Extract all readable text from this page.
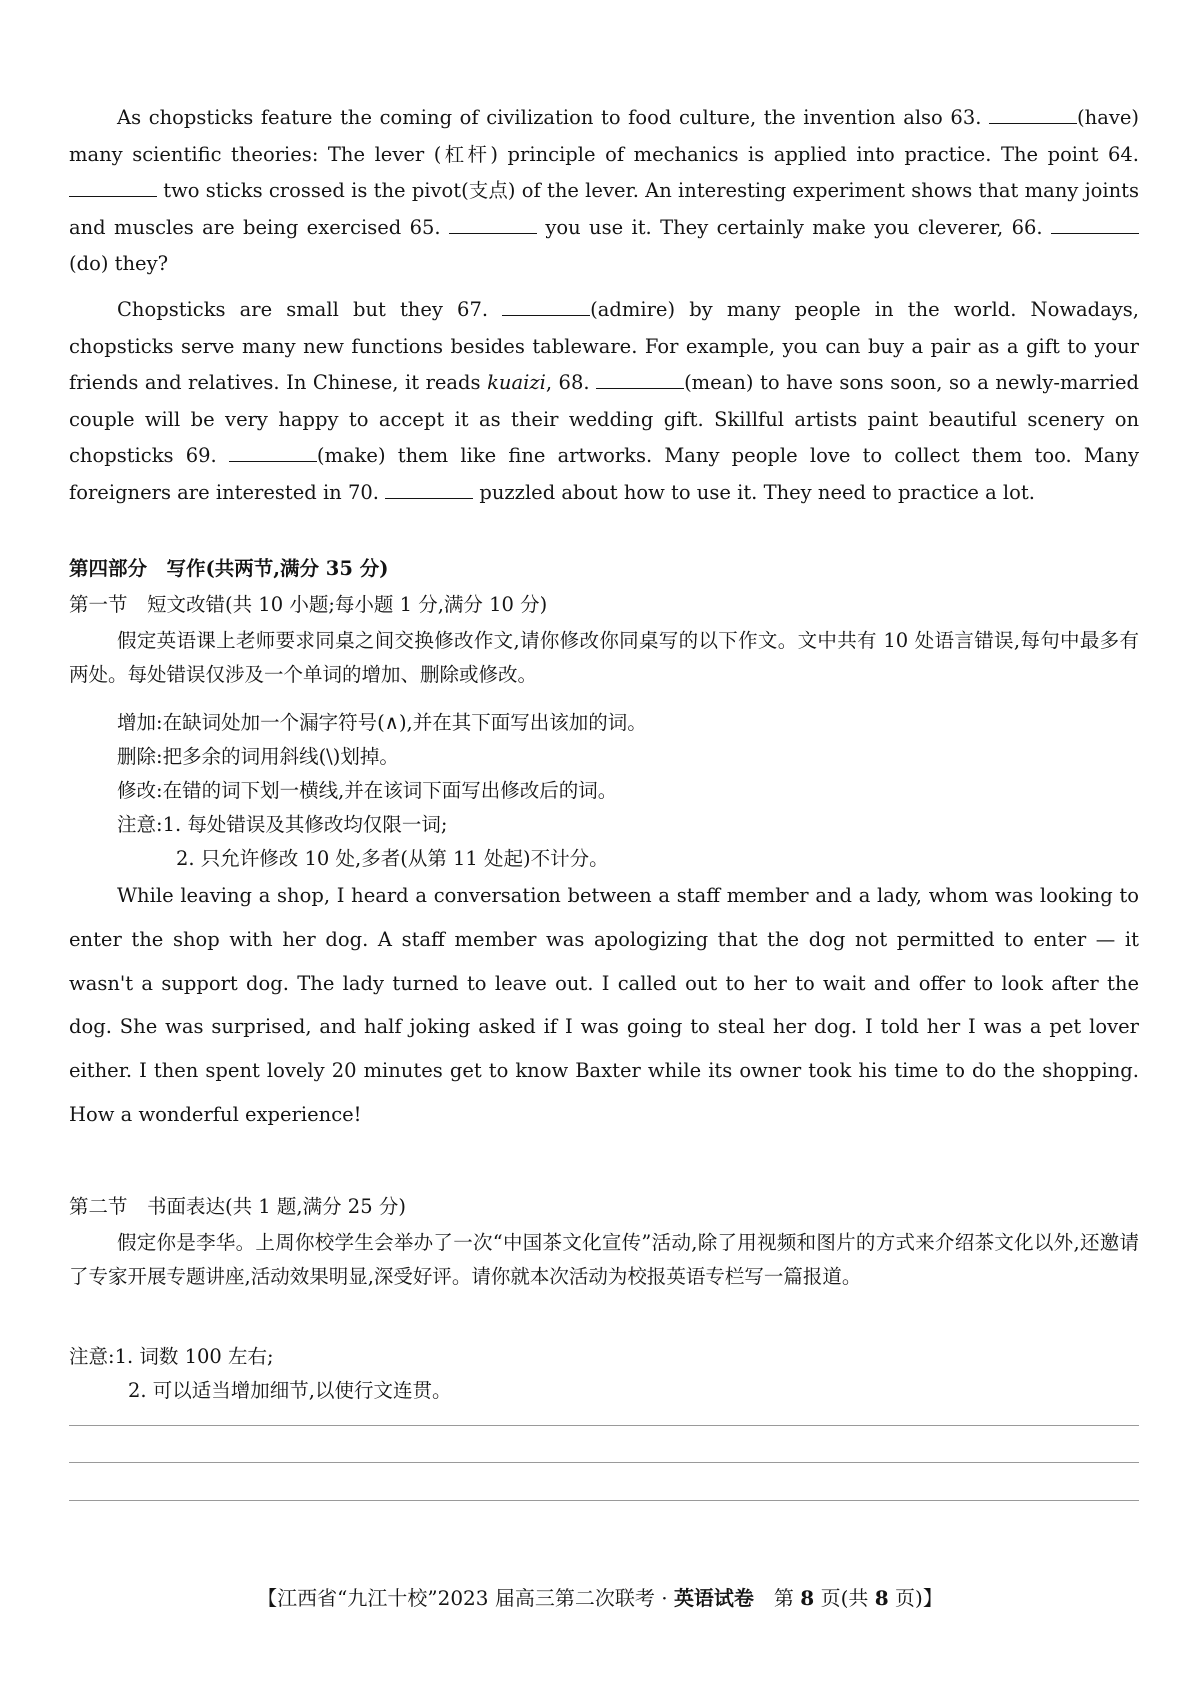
As chopsticks feature the coming of civilization to food culture, the invention also 63.	(have) many scientific theories: The lever (杠杆) principle of mechanics is applied into practice. The point 64.  two sticks crossed is the pivot(支点) of the lever. An interesting experiment shows that many joints and muscles are being exercised 65.	you use it. They certainly make you cleverer, 66. (do) they?

Chopsticks are small but they 67.	(admire) by many people in the world. Nowadays, chopsticks serve many new functions besides tableware. For example, you can buy a pair as a gift to your friends and relatives. In Chinese, it reads kuaizi, 68.	(mean) to have sons soon, so a newly-married couple will be very happy to accept it as their wedding gift. Skillful artists paint beautiful scenery on chopsticks 69.	(make) them like fine artworks. Many people love to collect them too. Many foreigners are interested in 70.	puzzled about how to use it. They need to practice a lot.

第四部分　写作(共两节,满分 35 分)
第一节　短文改错(共 10 小题;每小题 1 分,满分 10 分)

假定英语课上老师要求同桌之间交换修改作文,请你修改你同桌写的以下作文。文中共有 10 处语言错误,每句中最多有两处。每处错误仅涉及一个单词的增加、删除或修改。

增加:在缺词处加一个漏字符号(∧),并在其下面写出该加的词。
删除:把多余的词用斜线(\)划掉。
修改:在错的词下划一横线,并在该词下面写出修改后的词。
注意:1. 每处错误及其修改均仅限一词;
2. 只允许修改 10 处,多者(从第 11 处起)不计分。

While leaving a shop, I heard a conversation between a staff member and a lady, whom was looking to enter the shop with her dog. A staff member was apologizing that the dog not permitted to enter — it wasn't a support dog. The lady turned to leave out. I called out to her to wait and offer to look after the dog. She was surprised, and half joking asked if I was going to steal her dog. I told her I was a pet lover either. I then spent lovely 20 minutes get to know Baxter while its owner took his time to do the shopping. How a wonderful experience!

第二节　书面表达(共 1 题,满分 25 分)

假定你是李华。上周你校学生会举办了一次“中国茶文化宣传”活动,除了用视频和图片的方式来介绍茶文化以外,还邀请了专家开展专题讲座,活动效果明显,深受好评。请你就本次活动为校报英语专栏写一篇报道。

注意:1. 词数 100 左右;
2. 可以适当增加细节,以使行文连贯。
【江西省“九江十校”2023 届高三第二次联考 · 英语试卷　第 8 页(共 8 页)】
